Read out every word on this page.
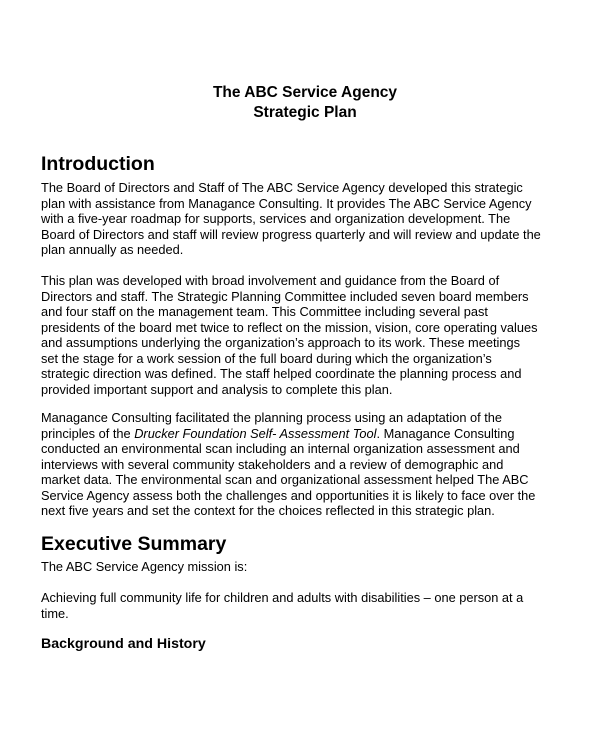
The ABC Service Agency
Strategic Plan
Introduction
The Board of Directors and Staff of The ABC Service Agency developed this strategic
plan with assistance from Managance Consulting. It provides The ABC Service Agency
with a five-year roadmap for supports, services and organization development. The
Board of Directors and staff will review progress quarterly and will review and update the
plan annually as needed.
This plan was developed with broad involvement and guidance from the Board of
Directors and staff. The Strategic Planning Committee included seven board members
and four staff on the management team. This Committee including several past
presidents of the board met twice to reflect on the mission, vision, core operating values
and assumptions underlying the organization’s approach to its work. These meetings
set the stage for a work session of the full board during which the organization’s
strategic direction was defined. The staff helped coordinate the planning process and
provided important support and analysis to complete this plan.
Managance Consulting facilitated the planning process using an adaptation of the
principles of the Drucker Foundation Self- Assessment Tool. Managance Consulting
conducted an environmental scan including an internal organization assessment and
interviews with several community stakeholders and a review of demographic and
market data. The environmental scan and organizational assessment helped The ABC
Service Agency assess both the challenges and opportunities it is likely to face over the
next five years and set the context for the choices reflected in this strategic plan.
Executive Summary
The ABC Service Agency mission is:
Achieving full community life for children and adults with disabilities – one person at a
time.
Background and History
